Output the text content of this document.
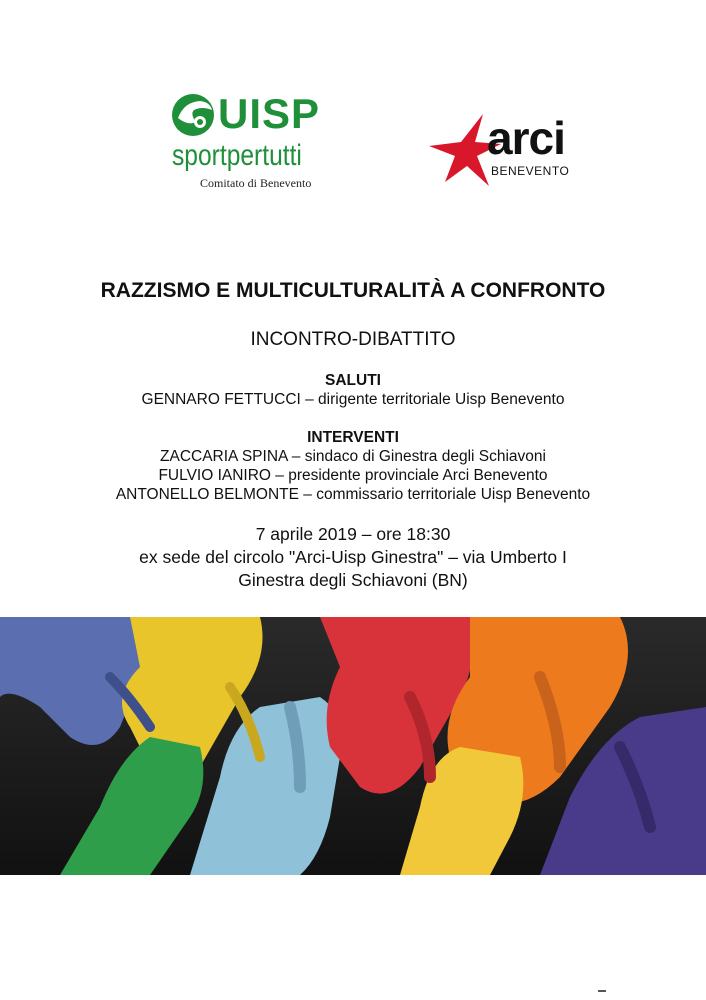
UISP
sportpertutti
Comitato di Benevento
arci
BENEVENTO
RAZZISMO E MULTICULTURALITÀ A CONFRONTO
INCONTRO-DIBATTITO
SALUTI
GENNARO FETTUCCI – dirigente territoriale Uisp Benevento
INTERVENTI
ZACCARIA SPINA – sindaco di Ginestra degli Schiavoni
FULVIO IANIRO – presidente provinciale Arci Benevento
ANTONELLO BELMONTE – commissario territoriale Uisp Benevento
7 aprile 2019 – ore 18:30
ex sede del circolo "Arci-Uisp Ginestra" – via Umberto I
Ginestra degli Schiavoni (BN)
